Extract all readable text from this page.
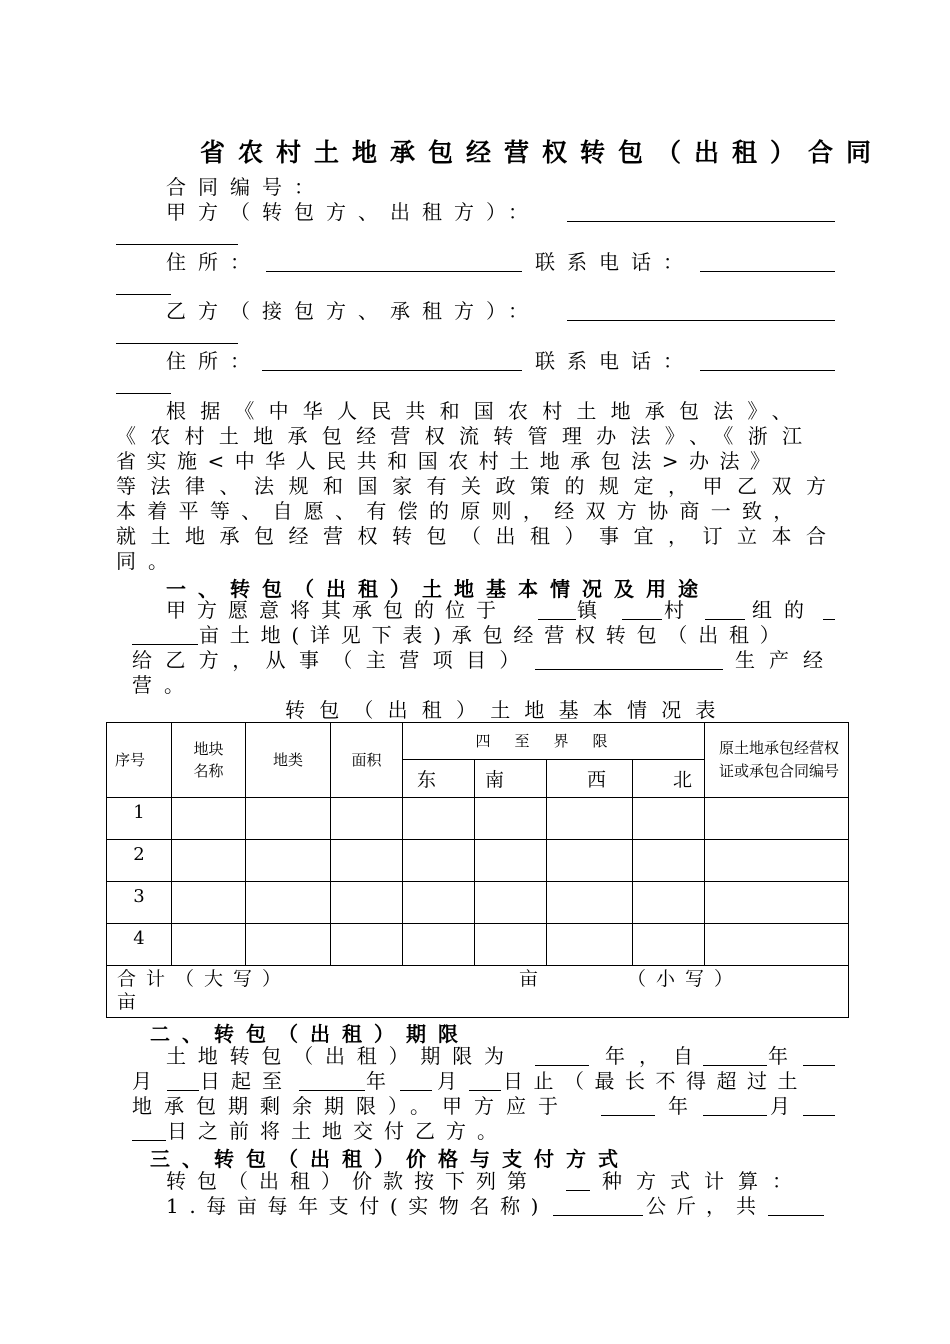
省农村土地承包经营权转包（出租）合同
合同编号：
甲方（转包方、出租方）：
住所：	联系电话：
乙方（接包方、承租方）：
住所：	联系电话：
根据《中华人民共和国农村土地承包法》、
《农村土地承包经营权流转管理办法》、《浙江
省实施<中华人民共和国农村土地承包法>办法》
等法律、法规和国家有关政策的规定，甲乙双方
本着平等、自愿、有偿的原则，经双方协商一致，
就土地承包经营权转包（出租）事宜，订立本合
同。
一、转包（出租）土地基本情况及用途
甲方愿意将其承包的位于	镇	村	组的
亩土地(详见下表)承包经营权转包（出租）
给乙方，从事（主营项目）	生产经
营。
转包（出租）土地基本情况表
序号	地块名称	地类	面积	四至界限				原土地承包经营权证或承包合同编号
				东	南	西	北	
1								
2								
3								
4								

合计（大写） 亩 （小写）
亩								
二、转包（出租）期限
土地转包（出租）期限为	年，自	年
月 日起至	年 月 日止（最长不得超过土
地承包期剩余期限）。甲方应于	年	月
日之前将土地交付乙方。
三、转包（出租）价格与支付方式
转包（出租）价款按下列第	种方式计算：
1.每亩每年支付(实物名称)	公斤，共
